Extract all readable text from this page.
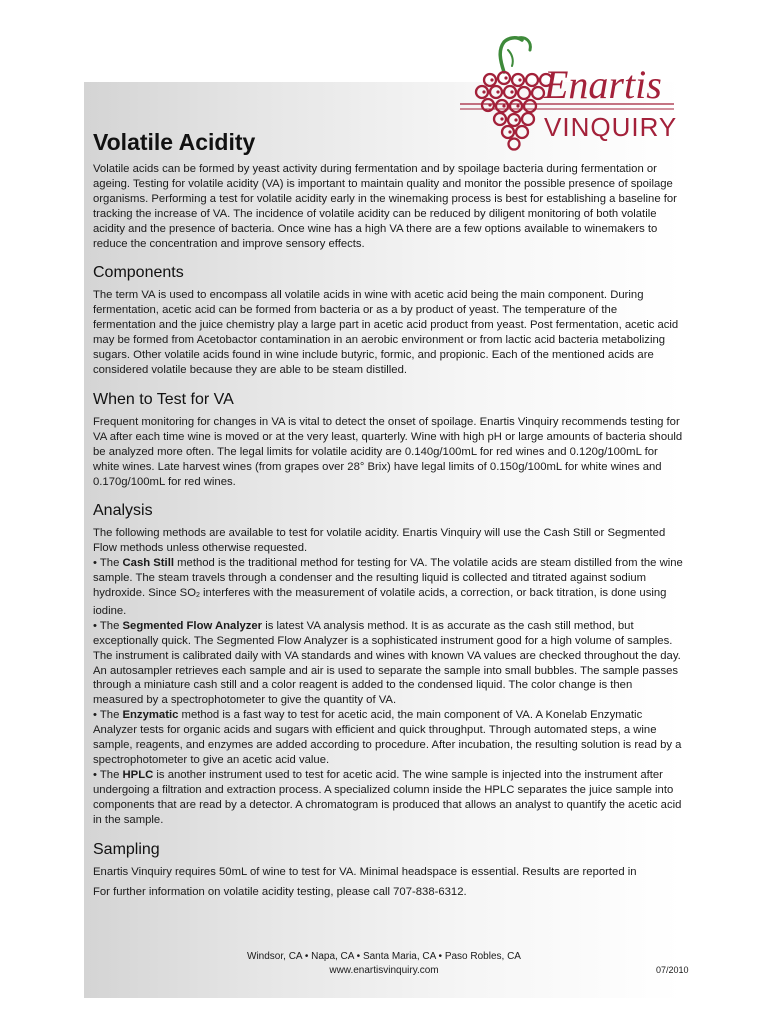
Enartis
VINQUIRY
Volatile Acidity

Volatile acids can be formed by yeast activity during fermentation and by spoilage bacteria during fermentation or ageing. Testing for volatile acidity (VA) is important to maintain quality and monitor the possible presence of spoilage organisms. Performing a test for volatile acidity early in the winemaking process is best for establishing a baseline for tracking the increase of VA. The incidence of volatile acidity can be reduced by diligent monitoring of both volatile acidity and the presence of bacteria. Once wine has a high VA there are a few options available to winemakers to reduce the concentration and improve sensory effects.

Components

The term VA is used to encompass all volatile acids in wine with acetic acid being the main component. During fermentation, acetic acid can be formed from bacteria or as a by product of yeast. The temperature of the fermentation and the juice chemistry play a large part in acetic acid product from yeast. Post fermentation, acetic acid may be formed from Acetobactor contamination in an aerobic environment or from lactic acid bacteria metabolizing sugars. Other volatile acids found in wine include butyric, formic, and propionic. Each of the mentioned acids are considered volatile because they are able to be steam distilled.

When to Test for VA

Frequent monitoring for changes in VA is vital to detect the onset of spoilage. Enartis Vinquiry recommends testing for VA after each time wine is moved or at the very least, quarterly. Wine with high pH or large amounts of bacteria should be analyzed more often. The legal limits for volatile acidity are 0.140g/100mL for red wines and 0.120g/100mL for white wines. Late harvest wines (from grapes over 28° Brix) have legal limits of 0.150g/100mL for white wines and 0.170g/100mL for red wines.

Analysis

The following methods are available to test for volatile acidity. Enartis Vinquiry will use the Cash Still or Segmented Flow methods unless otherwise requested.

• The Cash Still method is the traditional method for testing for VA. The volatile acids are steam distilled from the wine sample. The steam travels through a condenser and the resulting liquid is collected and titrated against sodium hydroxide. Since SO2 interferes with the measurement of volatile acids, a correction, or back titration, is done using iodine.

• The Segmented Flow Analyzer is latest VA analysis method. It is as accurate as the cash still method, but exceptionally quick. The Segmented Flow Analyzer is a sophisticated instrument good for a high volume of samples. The instrument is calibrated daily with VA standards and wines with known VA values are checked throughout the day. An autosampler retrieves each sample and air is used to separate the sample into small bubbles. The sample passes through a miniature cash still and a color reagent is added to the condensed liquid. The color change is then measured by a spectrophotometer to give the quantity of VA.

• The Enzymatic method is a fast way to test for acetic acid, the main component of VA. A Konelab Enzymatic Analyzer tests for organic acids and sugars with efficient and quick throughput. Through automated steps, a wine sample, reagents, and enzymes are added according to procedure. After incubation, the resulting solution is read by a spectrophotometer to give an acetic acid value.

• The HPLC is another instrument used to test for acetic acid. The wine sample is injected into the instrument after undergoing a filtration and extraction process. A specialized column inside the HPLC separates the juice sample into components that are read by a detector. A chromatogram is produced that allows an analyst to quantify the acetic acid in the sample.

Sampling

Enartis Vinquiry requires 50mL of wine to test for VA. Minimal headspace is essential. Results are reported in

For further information on volatile acidity testing, please call 707-838-6312.

Windsor, CA • Napa, CA • Santa Maria, CA • Paso Robles, CA
www.enartisvinquiry.com	07/2010
